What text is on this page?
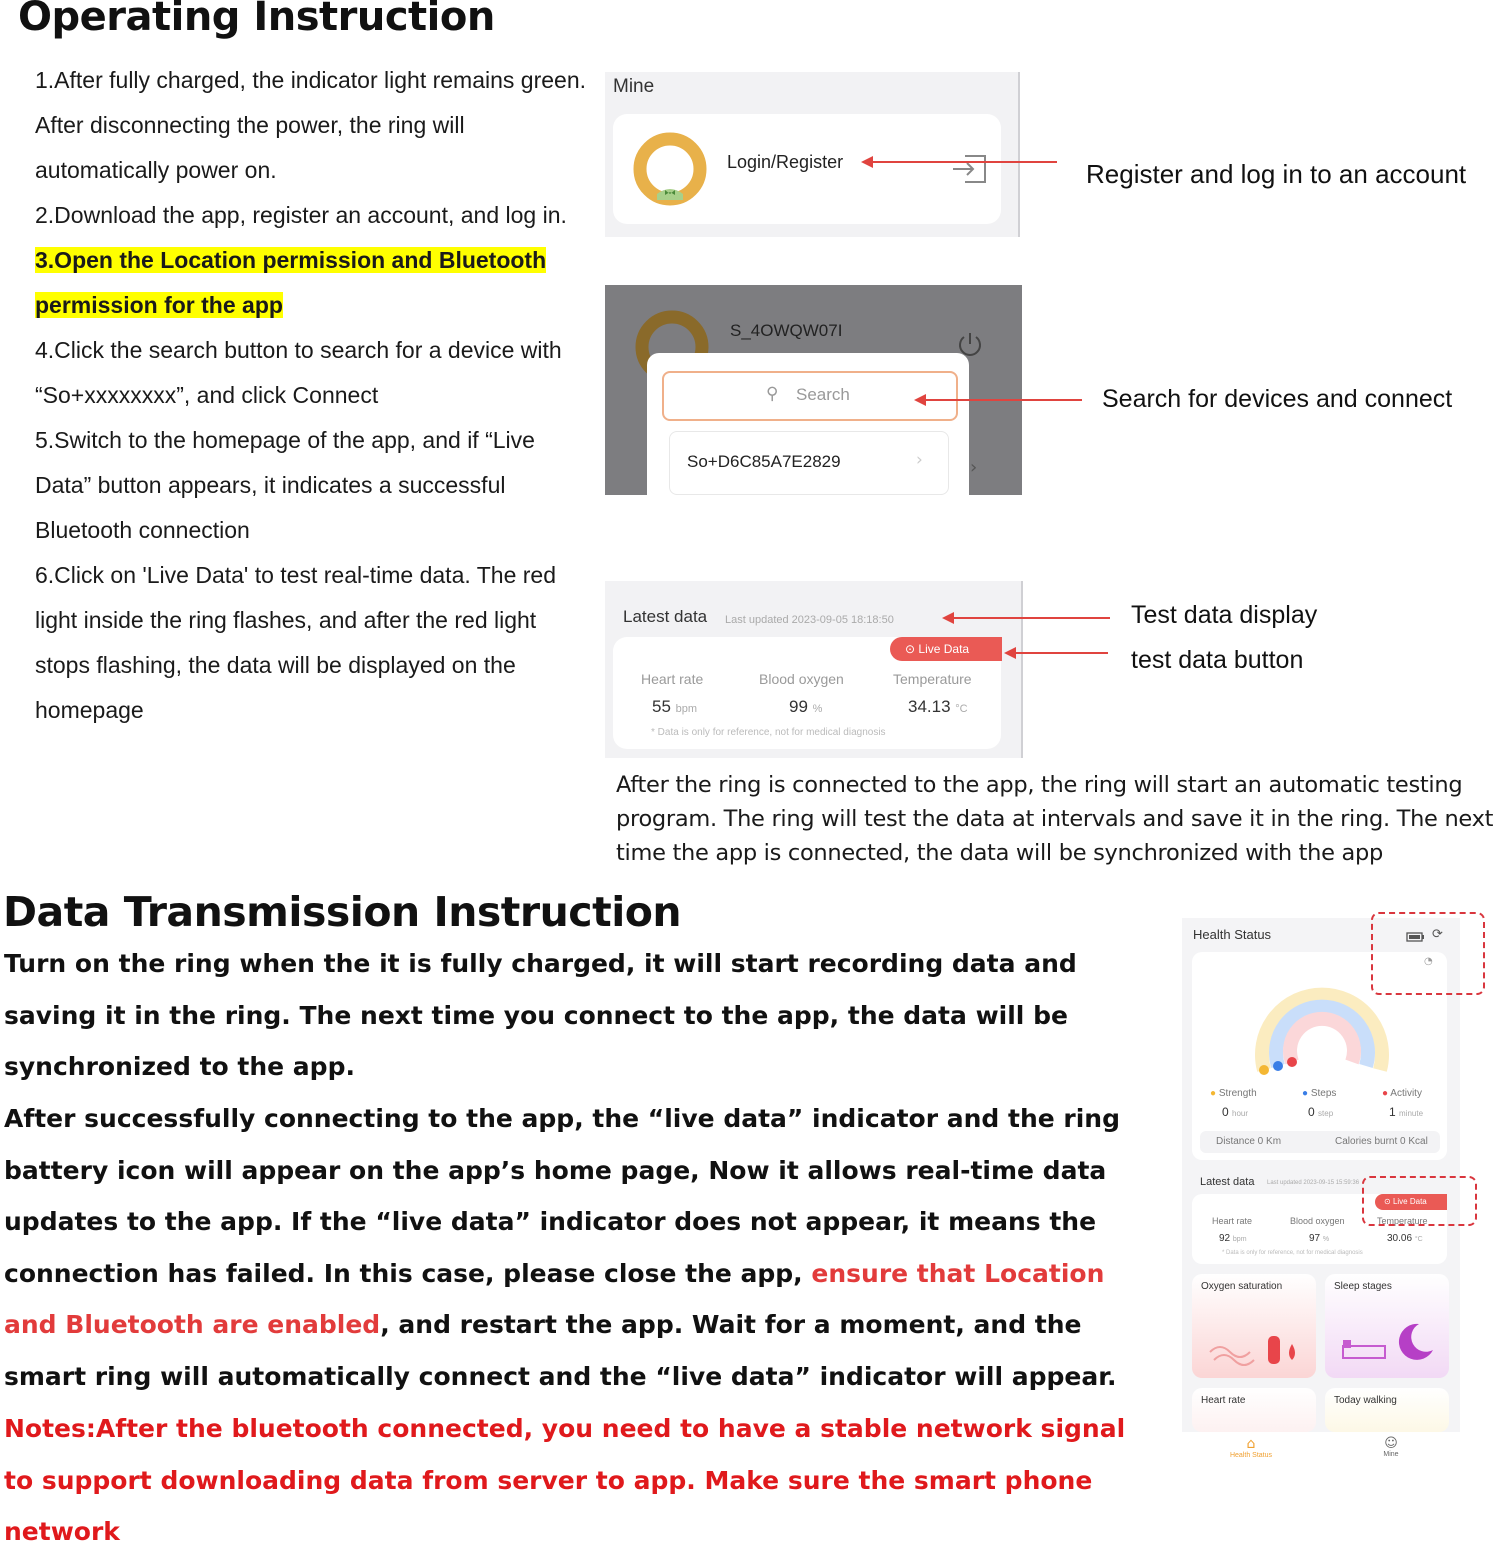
Operating Instruction

1.After fully charged, the indicator light remains green. After disconnecting the power, the ring will automatically power on.

2.Download the app, register an account, and log in.

3.Open the Location permission and Bluetooth permission for the app

4.Click the search button to search for a device with “So+xxxxxxxx”, and click Connect

5.Switch to the homepage of the app, and if “Live Data” button appears, it indicates a successful Bluetooth connection

6.Click on 'Live Data' to test real-time data. The red light inside the ring flashes, and after the red light stops flashing, the data will be displayed on the homepage

Mine
Login/Register	Register and log in to an account
S_4OWQW07I
›
⚲ Search
So+D6C85A7E2829	›
Search for devices and connect
Latest data Last updated 2023-09-05 18:18:50
⊙ Live Data
Heart rate
55 bpm
Blood oxygen
99 %
Temperature
34.13 °C
* Data is only for reference, not for medical diagnosis
Test data display
test data button
After the ring is connected to the app, the ring will start an automatic testing program. The ring will test the data at intervals and save it in the ring. The next time the app is connected, the data will be synchronized with the app
Data Transmission Instruction
Turn on the ring when the it is fully charged, it will start recording data and saving it in the ring. The next time you connect to the app, the data will be synchronized to the app.
After successfully connecting to the app, the “live data” indicator and the ring battery icon will appear on the app’s home page, Now it allows real-time data updates to the app. If the “live data” indicator does not appear, it means the connection has failed. In this case, please close the app, ensure that Location and Bluetooth are enabled, and restart the app. Wait for a moment, and the smart ring will automatically connect and the “live data” indicator will appear.
Notes:After the bluetooth connected, you need to have a stable network signal to support downloading data from server to app. Make sure the smart phone network
Health Status	⟳
◔
● Strength
0 hour
● Steps
0 step
● Activity
1 minute
Distance 0 Km	Calories burnt 0 Kcal
Latest data Last updated 2023-09-15 15:59:36
⊙ Live Data
Heart rate
92 bpm
Blood oxygen
97 %
Temperature
30.06 °C
* Data is only for reference, not for medical diagnosis
Oxygen saturation	Sleep stages
Heart rate	Today walking
⌂
Health Status
☺
Mine
